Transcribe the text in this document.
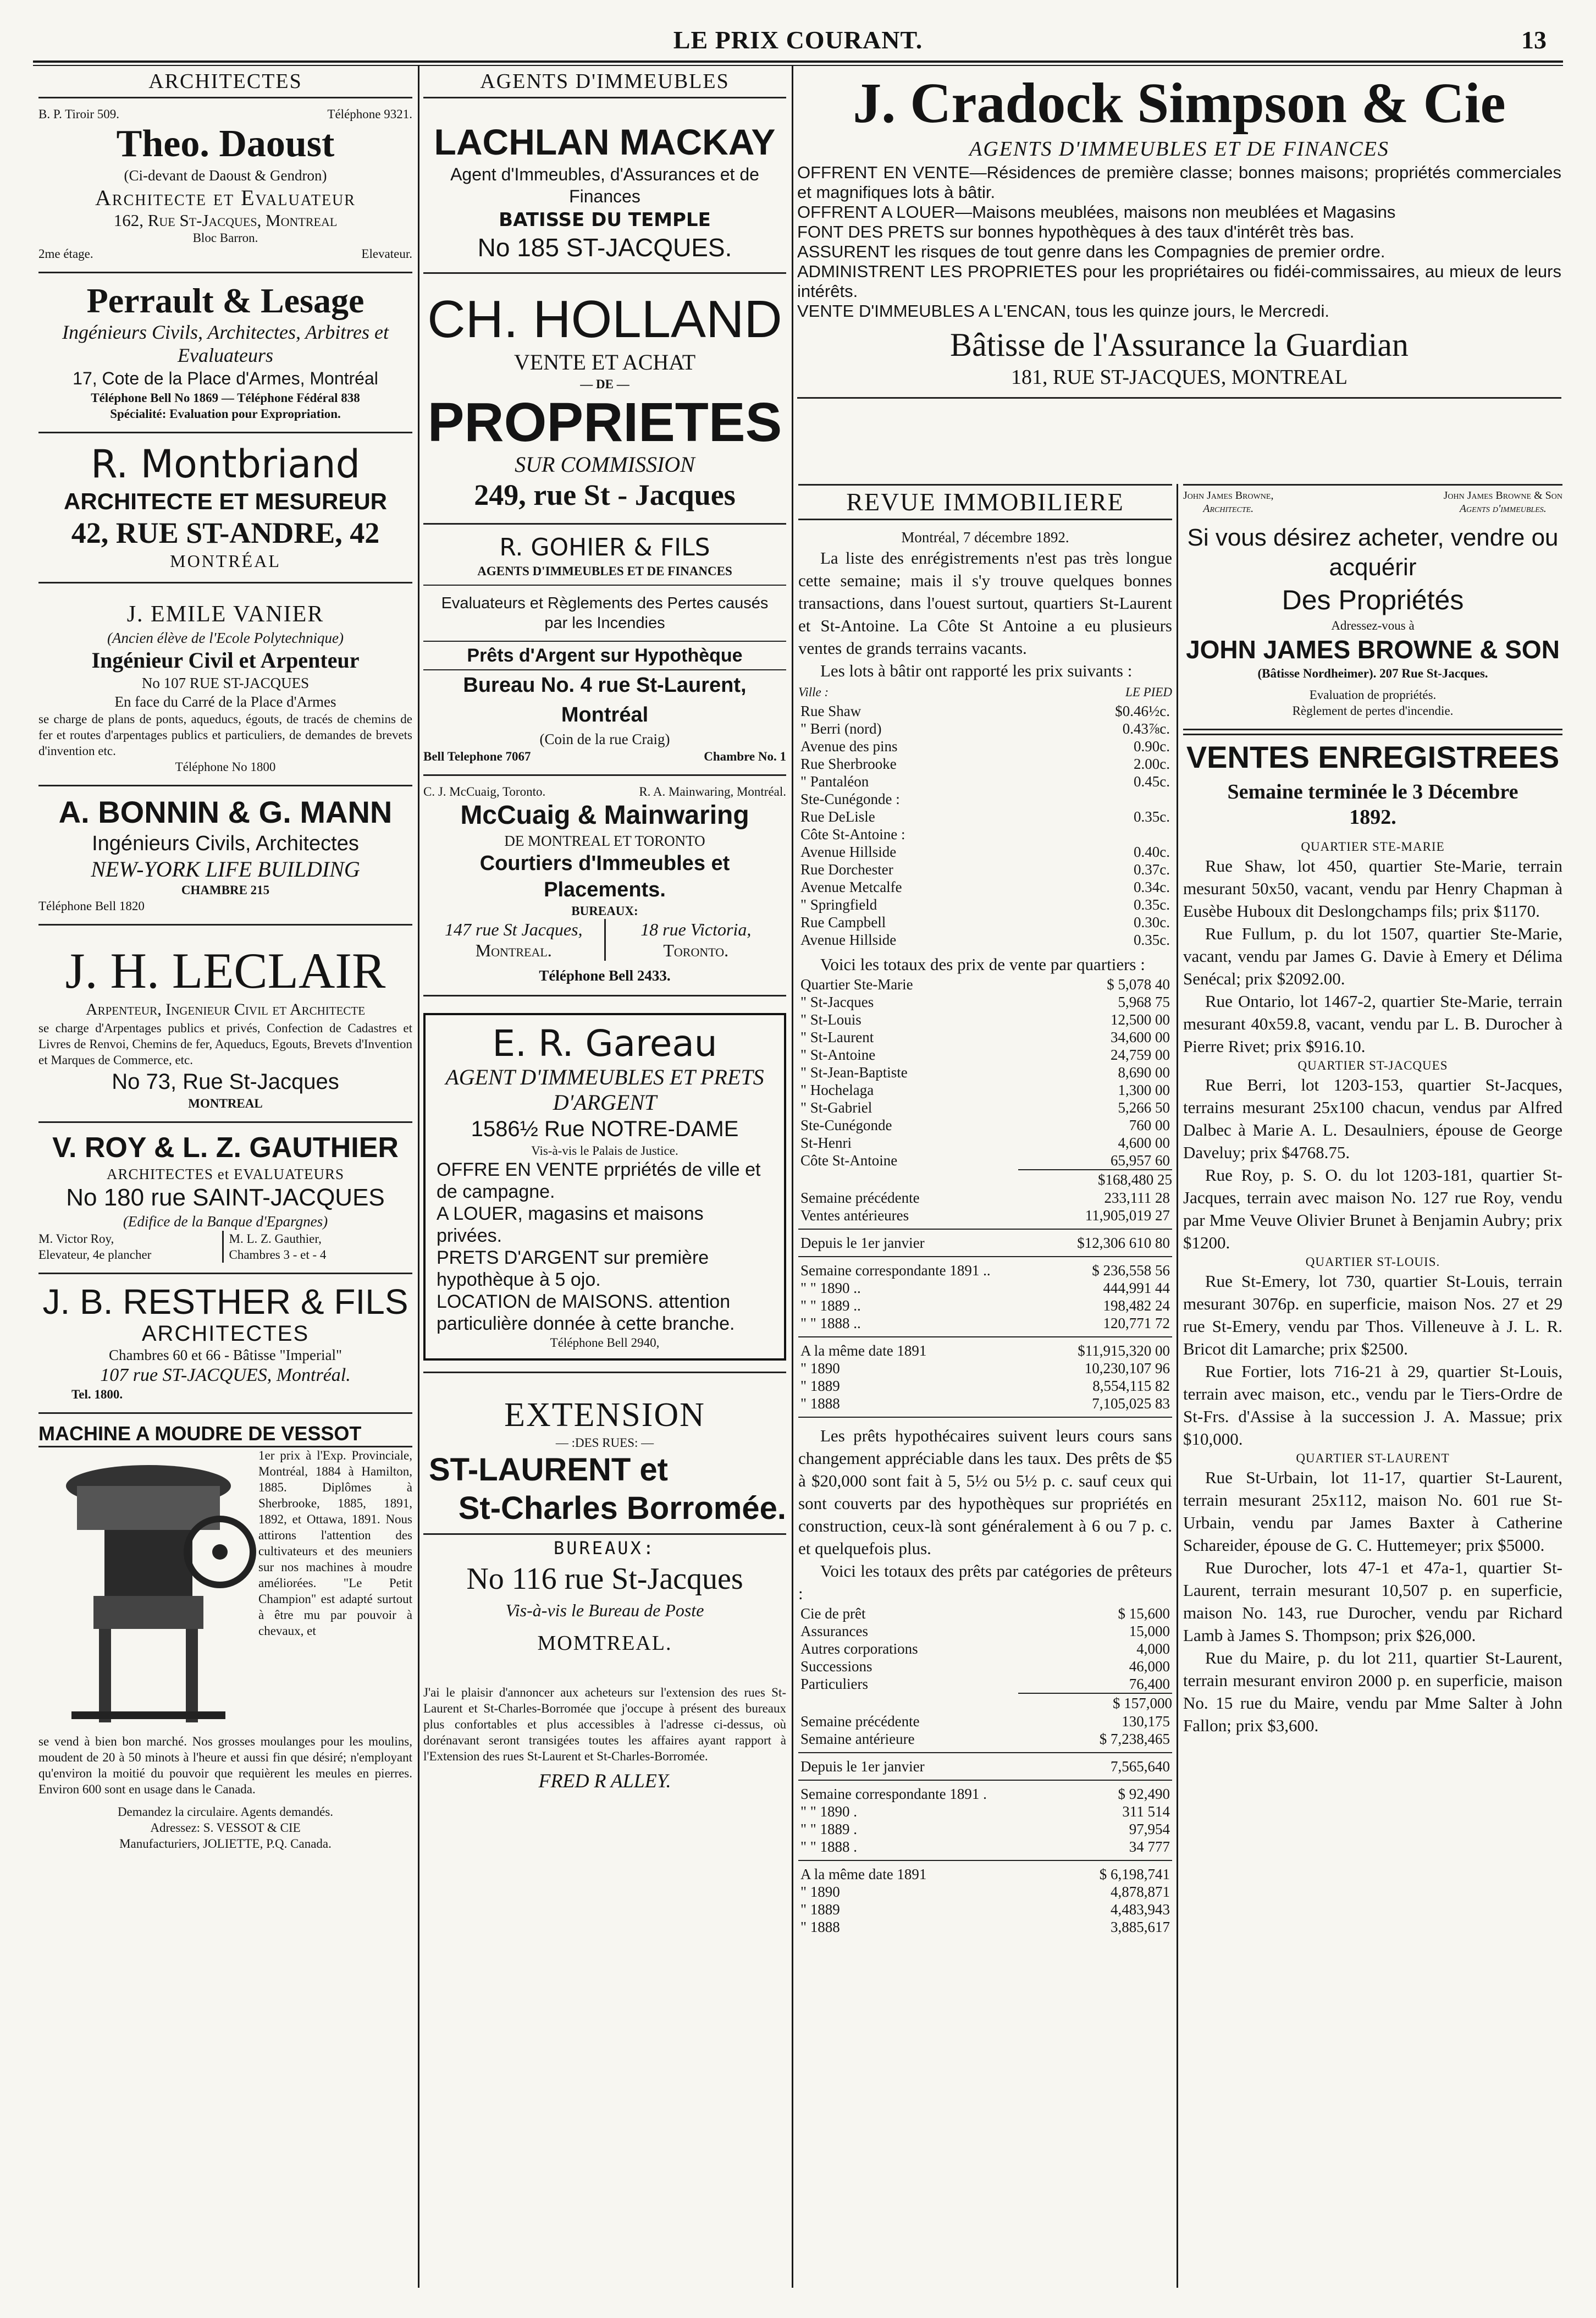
LE PRIX COURANT.	13
ARCHITECTES
B. P. Tiroir 509.	Téléphone 9321.
Theo. Daoust
(Ci-devant de Daoust & Gendron)
Architecte et Evaluateur
162, Rue St-Jacques, Montreal
Bloc Barron.
2me étage.	Elevateur.
Perrault & Lesage
Ingénieurs Civils, Architectes, Arbitres et Evaluateurs
17, Cote de la Place d'Armes, Montréal
Téléphone Bell No 1869 — Téléphone Fédéral 838
Spécialité: Evaluation pour Expropriation.
R. Montbriand
ARCHITECTE ET MESUREUR
42, RUE ST-ANDRE, 42
MONTRÉAL
J. EMILE VANIER
(Ancien élève de l'Ecole Polytechnique)
Ingénieur Civil et Arpenteur
No 107 RUE ST-JACQUES
En face du Carré de la Place d'Armes
se charge de plans de ponts, aqueducs, égouts, de tracés de chemins de fer et routes d'arpentages publics et particuliers, de demandes de brevets d'invention etc.
Téléphone No 1800
A. BONNIN & G. MANN
Ingénieurs Civils, Architectes
NEW-YORK LIFE BUILDING
CHAMBRE 215
Téléphone Bell 1820
J. H. LECLAIR
Arpenteur, Ingenieur Civil et Architecte
se charge d'Arpentages publics et privés, Confection de Cadastres et Livres de Renvoi, Chemins de fer, Aqueducs, Egouts, Brevets d'Invention et Marques de Commerce, etc.
No 73, Rue St-Jacques
MONTREAL
V. ROY & L. Z. GAUTHIER
ARCHITECTES et EVALUATEURS
No 180 rue SAINT-JACQUES
(Edifice de la Banque d'Epargnes)
M. Victor Roy,
Elevateur, 4e plancher
M. L. Z. Gauthier,
Chambres 3 - et - 4
J. B. RESTHER & FILS
ARCHITECTES
Chambres 60 et 66 - Bâtisse "Imperial"
107 rue ST-JACQUES, Montréal.
Tel. 1800.
MACHINE A MOUDRE DE VESSOT
1er prix à l'Exp. Provinciale, Montréal, 1884 à Hamilton, 1885. Diplômes à Sherbrooke, 1885, 1891, 1892, et Ottawa, 1891. Nous attirons l'attention des cultivateurs et des meuniers sur nos machines à moudre améliorées. "Le Petit Champion" est adapté surtout à être mu par pouvoir à chevaux, et
se vend à bien bon marché. Nos grosses moulanges pour les moulins, moudent de 20 à 50 minots à l'heure et aussi fin que désiré; n'employant qu'environ la moitié du pouvoir que requièrent les meules en pierres. Environ 600 sont en usage dans le Canada.
Demandez la circulaire. Agents demandés.
Adressez: S. VESSOT & CIE
Manufacturiers, JOLIETTE, P.Q. Canada.
AGENTS D'IMMEUBLES
LACHLAN MACKAY
Agent d'Immeubles, d'Assurances et de Finances
BATISSE DU TEMPLE
No 185 ST-JACQUES.
CH. HOLLAND
VENTE ET ACHAT
— DE —
PROPRIETES
SUR COMMISSION
249, rue St - Jacques
R. GOHIER & FILS
AGENTS D'IMMEUBLES ET DE FINANCES
Evaluateurs et Règlements des Pertes causés par les Incendies
Prêts d'Argent sur Hypothèque
Bureau No. 4 rue St-Laurent, Montréal
(Coin de la rue Craig)
Bell Telephone 7067	Chambre No. 1
C. J. McCuaig, Toronto.	R. A. Mainwaring, Montréal.
McCuaig & Mainwaring
DE MONTREAL ET TORONTO
Courtiers d'Immeubles et Placements.
BUREAUX:
147 rue St Jacques,
Montreal.
18 rue Victoria,
Toronto.
Téléphone Bell 2433.
E. R. Gareau
AGENT D'IMMEUBLES ET PRETS D'ARGENT
1586½ Rue NOTRE-DAME
Vis-à-vis le Palais de Justice.
OFFRE EN VENTE prpriétés de ville et de campagne.
A LOUER, magasins et maisons privées.
PRETS D'ARGENT sur première hypothèque à 5 ojo.
LOCATION de MAISONS. attention particulière donnée à cette branche.
Téléphone Bell 2940,
EXTENSION
— :DES RUES: —
ST-LAURENT et
St-Charles Borromée.
BUREAUX:
No 116 rue St-Jacques
Vis-à-vis le Bureau de Poste
MOMTREAL.
J'ai le plaisir d'annoncer aux acheteurs sur l'extension des rues St-Laurent et St-Charles-Borromée que j'occupe à présent des bureaux plus confortables et plus accessibles à l'adresse ci-dessus, où dorénavant seront transigées toutes les affaires ayant rapport à l'Extension des rues St-Laurent et St-Charles-Borromée.
FRED R ALLEY.
J. Cradock Simpson & Cie
AGENTS D'IMMEUBLES ET DE FINANCES
OFFRENT EN VENTE—Résidences de première classe; bonnes maisons; propriétés commerciales et magnifiques lots à bâtir.
OFFRENT A LOUER—Maisons meublées, maisons non meublées et Magasins
FONT DES PRETS sur bonnes hypothèques à des taux d'intérêt très bas.
ASSURENT les risques de tout genre dans les Compagnies de premier ordre.
ADMINISTRENT LES PROPRIETES pour les propriétaires ou fidéi-commissaires, au mieux de leurs intérêts.
VENTE D'IMMEUBLES A L'ENCAN, tous les quinze jours, le Mercredi.
Bâtisse de l'Assurance la Guardian
181, RUE ST-JACQUES, MONTREAL
REVUE IMMOBILIERE
Montréal, 7 décembre 1892.

La liste des enrégistrements n'est pas très longue cette semaine; mais il s'y trouve quelques bonnes transactions, dans l'ouest surtout, quartiers St-Laurent et St-Antoine. La Côte St Antoine a eu plusieurs ventes de grands terrains vacants.

Les lots à bâtir ont rapporté les prix suivants :

Ville :	LE PIED
Rue Shaw	$0.46½c.
" Berri (nord)	0.43⅞c.
Avenue des pins	0.90c.
Rue Sherbrooke	2.00c.
" Pantaléon	0.45c.
Ste-Cunégonde :	
Rue DeLisle	0.35c.
Côte St-Antoine :	
Avenue Hillside	0.40c.
Rue Dorchester	0.37c.
Avenue Metcalfe	0.34c.
" Springfield	0.35c.
Rue Campbell	0.30c.
Avenue Hillside	0.35c.

Voici les totaux des prix de vente par quartiers :

Quartier Ste-Marie	$ 5,078 40
" St-Jacques	5,968 75
" St-Louis	12,500 00
" St-Laurent	34,600 00
" St-Antoine	24,759 00
" St-Jean-Baptiste	8,690 00
" Hochelaga	1,300 00
" St-Gabriel	5,266 50
Ste-Cunégonde	760 00
St-Henri	4,600 00
Côte St-Antoine	65,957 60
$168,480 25
Semaine précédente	233,111 28
Ventes antérieures	11,905,019 27
Depuis le 1er janvier	$12,306 610 80
Semaine correspondante 1891 ..	$ 236,558 56
" " 1890 ..	444,991 44
" " 1889 ..	198,482 24
" " 1888 ..	120,771 72
A la même date 1891	$11,915,320 00
" 1890	10,230,107 96
" 1889	8,554,115 82
" 1888	7,105,025 83

Les prêts hypothécaires suivent leurs cours sans changement appréciable dans les taux. Des prêts de $5 à $20,000 sont fait à 5, 5½ ou 5½ p. c. sauf ceux qui sont couverts par des hypothèques sur propriétés en construction, ceux-là sont généralement à 6 ou 7 p. c. et quelquefois plus.

Voici les totaux des prêts par catégories de prêteurs :

Cie de prêt	$ 15,600
Assurances	15,000
Autres corporations	4,000
Successions	46,000
Particuliers	76,400
$ 157,000
Semaine précédente	130,175
Semaine antérieure	$ 7,238,465
Depuis le 1er janvier	7,565,640
Semaine correspondante 1891 .	$ 92,490
" " 1890 .	311 514
" " 1889 .	97,954
" " 1888 .	34 777
A la même date 1891	$ 6,198,741
" 1890	4,878,871
" 1889	4,483,943
" 1888	3,885,617
John James Browne,
Architecte.
John James Browne & Son
Agents d'immeubles.
Si vous désirez acheter, vendre ou acquérir
Des Propriétés
Adressez-vous à
JOHN JAMES BROWNE & SON
(Bâtisse Nordheimer). 207 Rue St-Jacques.
Evaluation de propriétés.
Règlement de pertes d'incendie.
VENTES ENREGISTREES
Semaine terminée le 3 Décembre 1892.
QUARTIER STE-MARIE

Rue Shaw, lot 450, quartier Ste-Marie, terrain mesurant 50x50, vacant, vendu par Henry Chapman à Eusèbe Huboux dit Deslongchamps fils; prix $1170.

Rue Fullum, p. du lot 1507, quartier Ste-Marie, vacant, vendu par James G. Davie à Emery et Délima Senécal; prix $2092.00.

Rue Ontario, lot 1467-2, quartier Ste-Marie, terrain mesurant 40x59.8, vacant, vendu par L. B. Durocher à Pierre Rivet; prix $916.10.

QUARTIER ST-JACQUES

Rue Berri, lot 1203-153, quartier St-Jacques, terrains mesurant 25x100 chacun, vendus par Alfred Dalbec à Marie A. L. Desaulniers, épouse de George Daveluy; prix $4768.75.

Rue Roy, p. S. O. du lot 1203-181, quartier St-Jacques, terrain avec maison No. 127 rue Roy, vendu par Mme Veuve Olivier Brunet à Benjamin Aubry; prix $1200.

QUARTIER ST-LOUIS.

Rue St-Emery, lot 730, quartier St-Louis, terrain mesurant 3076p. en superficie, maison Nos. 27 et 29 rue St-Emery, vendu par Thos. Villeneuve à J. L. R. Bricot dit Lamarche; prix $2500.

Rue Fortier, lots 716-21 à 29, quartier St-Louis, terrain avec maison, etc., vendu par le Tiers-Ordre de St-Frs. d'Assise à la succession J. A. Massue; prix $10,000.

QUARTIER ST-LAURENT

Rue St-Urbain, lot 11-17, quartier St-Laurent, terrain mesurant 25x112, maison No. 601 rue St-Urbain, vendu par James Baxter à Catherine Schareider, épouse de G. C. Huttemeyer; prix $5000.

Rue Durocher, lots 47-1 et 47a-1, quartier St-Laurent, terrain mesurant 10,507 p. en superficie, maison No. 143, rue Durocher, vendu par Richard Lamb à James S. Thompson; prix $26,000.

Rue du Maire, p. du lot 211, quartier St-Laurent, terrain mesurant environ 2000 p. en superficie, maison No. 15 rue du Maire, vendu par Mme Salter à John Fallon; prix $3,600.
